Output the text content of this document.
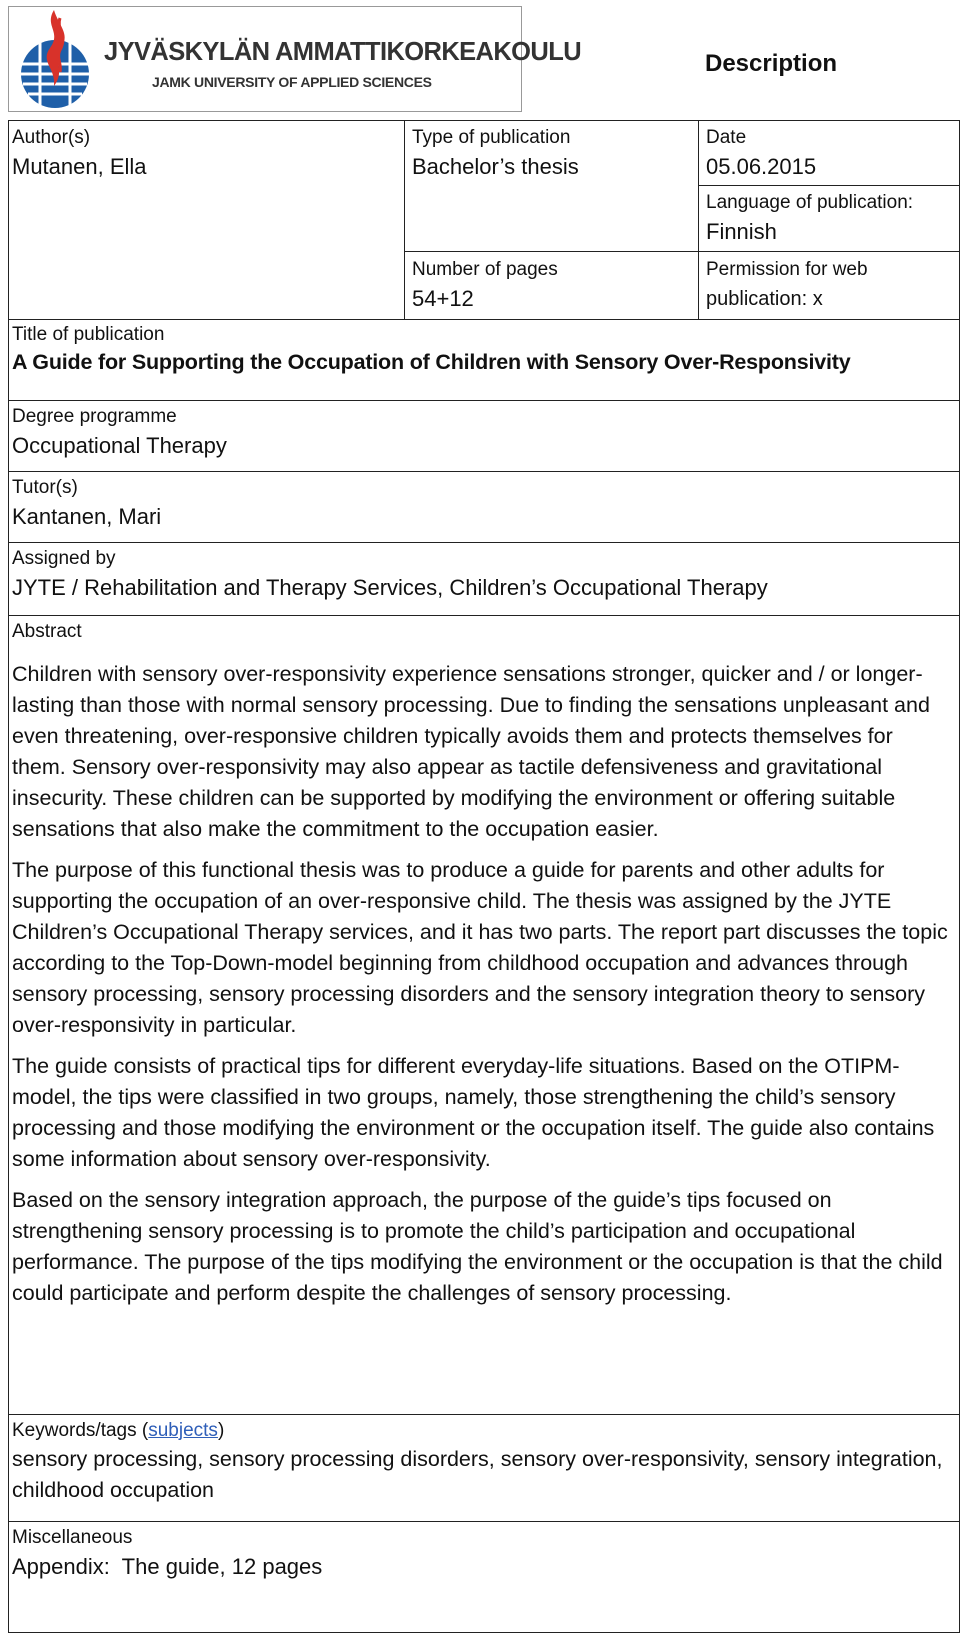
JYVÄSKYLÄN AMMATTIKORKEAKOULU
JAMK UNIVERSITY OF APPLIED SCIENCES
Description
Author(s)
Mutanen, Ella
Type of publication
Bachelor’s thesis
Date
05.06.2015
Language of publication:
Finnish
Number of pages
54+12
Permission for web
publication: x
Title of publication
A Guide for Supporting the Occupation of Children with Sensory Over-Responsivity
Degree programme
Occupational Therapy
Tutor(s)
Kantanen, Mari
Assigned by
JYTE / Rehabilitation and Therapy Services, Children’s Occupational Therapy
Abstract

Children with sensory over-responsivity experience sensations stronger, quicker and / or longer-lasting than those with normal sensory processing. Due to finding the sensations unpleasant and even threatening, over-responsive children typically avoids them and protects themselves for them. Sensory over-responsivity may also appear as tactile defensiveness and gravitational insecurity. These children can be supported by modifying the environment or offering suitable sensations that also make the commitment to the occupation easier.

The purpose of this functional thesis was to produce a guide for parents and other adults for supporting the occupation of an over-responsive child. The thesis was assigned by the JYTE Children’s Occupational Therapy services, and it has two parts. The report part discusses the topic according to the Top-Down-model beginning from childhood occupation and advances through sensory processing, sensory processing disorders and the sensory integration theory to sensory over-responsivity in particular.

The guide consists of practical tips for different everyday-life situations. Based on the OTIPM-model, the tips were classified in two groups, namely, those strengthening the child’s sensory processing and those modifying the environment or the occupation itself. The guide also contains some information about sensory over-responsivity.

Based on the sensory integration approach, the purpose of the guide’s tips focused on strengthening sensory processing is to promote the child’s participation and occupational performance. The purpose of the tips modifying the environment or the occupation is that the child could participate and perform despite the challenges of sensory processing.

Keywords/tags (subjects)
sensory processing, sensory processing disorders, sensory over-responsivity, sensory integration, childhood occupation
Miscellaneous
Appendix:  The guide, 12 pages
